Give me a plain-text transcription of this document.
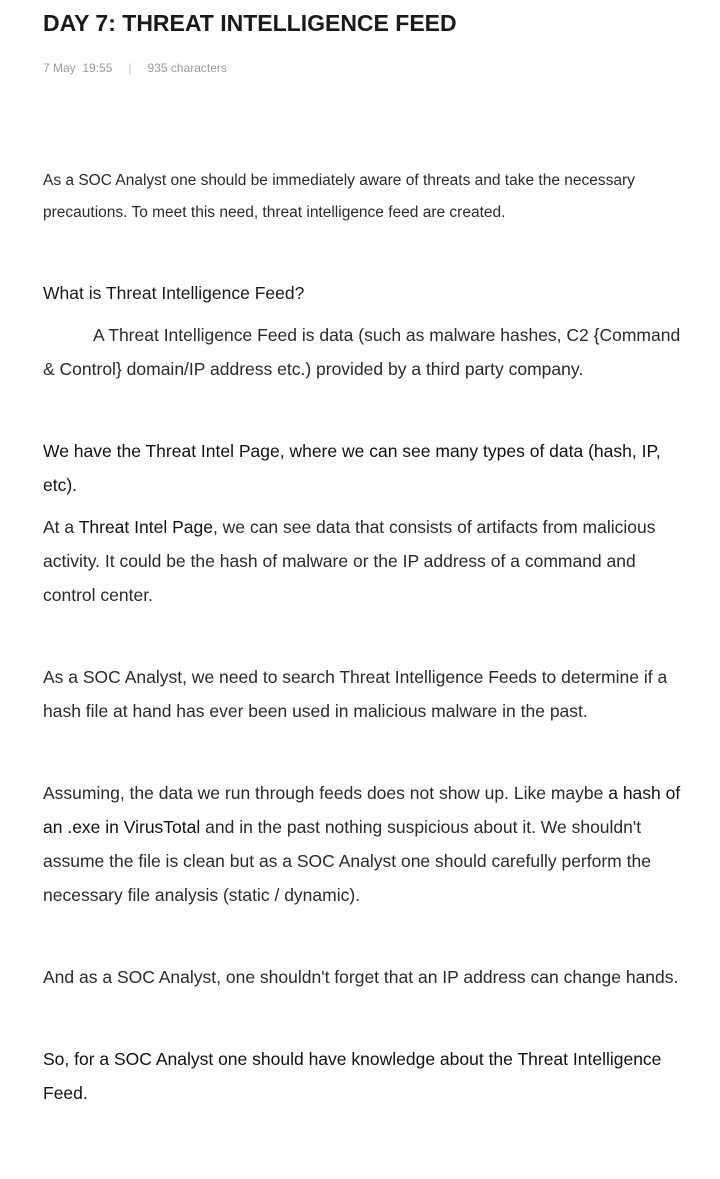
DAY 7: THREAT INTELLIGENCE FEED
7 May  19:55 | 935 characters

As a SOC Analyst one should be immediately aware of threats and take the necessary precautions. To meet this need, threat intelligence feed are created.

What is Threat Intelligence Feed?

A Threat Intelligence Feed is data (such as malware hashes, C2 {Command & Control} domain/IP address etc.) provided by a third party company.

We have the Threat Intel Page, where we can see many types of data (hash, IP, etc).

At a Threat Intel Page, we can see data that consists of artifacts from malicious activity. It could be the hash of malware or the IP address of a command and control center.

As a SOC Analyst, we need to search Threat Intelligence Feeds to determine if a hash file at hand has ever been used in malicious malware in the past.

Assuming, the data we run through feeds does not show up. Like maybe a hash of an .exe in VirusTotal and in the past nothing suspicious about it. We shouldn't assume the file is clean but as a SOC Analyst one should carefully perform the necessary file analysis (static / dynamic).

And as a SOC Analyst, one shouldn't forget that an IP address can change hands.

So, for a SOC Analyst one should have knowledge about the Threat Intelligence Feed.
